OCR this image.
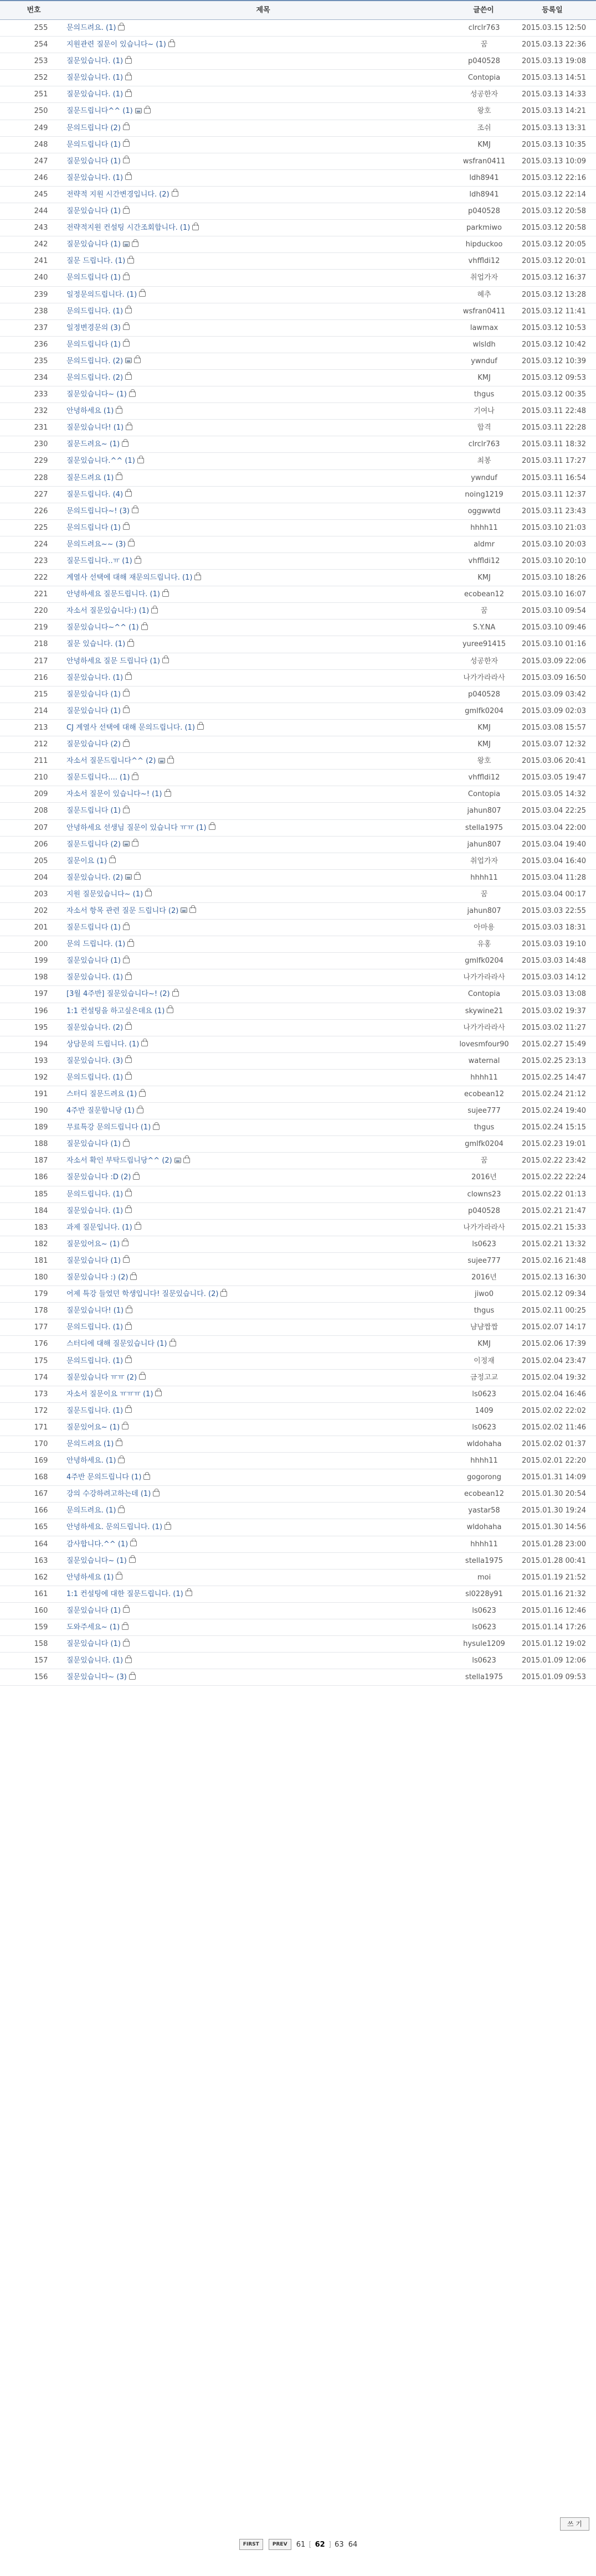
번호	제목	글쓴이	등록일
255	문의드려요. (1)	clrclr763	2015.03.15 12:50
254	지원관련 질문이 있습니다~ (1)	꿈	2015.03.13 22:36
253	질문있습니다. (1)	p040528	2015.03.13 19:08
252	질문있습니다. (1)	Contopia	2015.03.13 14:51
251	질문있습니다. (1)	성공한자	2015.03.13 14:33
250	질문드립니다^^ (1)	왕호	2015.03.13 14:21
249	문의드립니다 (2)	조쉬	2015.03.13 13:31
248	문의드립니다 (1)	KMJ	2015.03.13 10:35
247	질문있습니다 (1)	wsfran0411	2015.03.13 10:09
246	질문있습니다. (1)	ldh8941	2015.03.12 22:16
245	전략적 지원 시간변경입니다. (2)	ldh8941	2015.03.12 22:14
244	질문있습니다 (1)	p040528	2015.03.12 20:58
243	전략적지원 컨설팅 시간조회합니다. (1)	parkmiwo	2015.03.12 20:58
242	질문있습니다 (1)	hipduckoo	2015.03.12 20:05
241	질문 드립니다. (1)	vhffldi12	2015.03.12 20:01
240	문의드립니다 (1)	취업가자	2015.03.12 16:37
239	일정문의드립니다. (1)	혜추	2015.03.12 13:28
238	문의드립니다. (1)	wsfran0411	2015.03.12 11:41
237	일정변경문의 (3)	lawmax	2015.03.12 10:53
236	문의드립니다 (1)	wlsldh	2015.03.12 10:42
235	문의드립니다. (2)	ywnduf	2015.03.12 10:39
234	문의드립니다. (2)	KMJ	2015.03.12 09:53
233	질문있습니다~ (1)	thgus	2015.03.12 00:35
232	안녕하세요 (1)	기여나	2015.03.11 22:48
231	질문있습니다! (1)	합격	2015.03.11 22:28
230	질문드려요~ (1)	clrclr763	2015.03.11 18:32
229	질문있습니다.^^ (1)	최봉	2015.03.11 17:27
228	질문드려요 (1)	ywnduf	2015.03.11 16:54
227	질문드립니다. (4)	noing1219	2015.03.11 12:37
226	문의드립니다~! (3)	oggwwtd	2015.03.11 23:43
225	문의드립니다 (1)	hhhh11	2015.03.10 21:03
224	문의드려요~~ (3)	aldmr	2015.03.10 20:03
223	질문드립니다..ㅠ (1)	vhffldi12	2015.03.10 20:10
222	계열사 선택에 대해 재문의드립니다. (1)	KMJ	2015.03.10 18:26
221	안녕하세요 질문드립니다. (1)	ecobean12	2015.03.10 16:07
220	자소서 질문있습니다:) (1)	꿈	2015.03.10 09:54
219	질문있습니다~^^ (1)	S.Y.NA	2015.03.10 09:46
218	질문 있습니다. (1)	yuree91415	2015.03.10 01:16
217	안녕하세요 질문 드립니다 (1)	성공한자	2015.03.09 22:06
216	질문있습니다. (1)	나가가라라사	2015.03.09 16:50
215	질문있습니다 (1)	p040528	2015.03.09 03:42
214	질문있습니다 (1)	gmlfk0204	2015.03.09 02:03
213	CJ 계열사 선택에 대해 문의드립니다. (1)	KMJ	2015.03.08 15:57
212	질문있습니다 (2)	KMJ	2015.03.07 12:32
211	자소서 질문드립니다^^ (2)	왕호	2015.03.06 20:41
210	질문드립니다.... (1)	vhffldi12	2015.03.05 19:47
209	자소서 질문이 있습니다~! (1)	Contopia	2015.03.05 14:32
208	질문드립니다 (1)	jahun807	2015.03.04 22:25
207	안녕하세요 선생님 질문이 있습니다 ㅠㅠ (1)	stella1975	2015.03.04 22:00
206	질문드립니다 (2)	jahun807	2015.03.04 19:40
205	질문이요 (1)	취업가자	2015.03.04 16:40
204	질문있습니다. (2)	hhhh11	2015.03.04 11:28
203	지원 질문있습니다~ (1)	꿈	2015.03.04 00:17
202	자소서 항목 관련 질문 드립니다 (2)	jahun807	2015.03.03 22:55
201	질문드립니다 (1)	아마용	2015.03.03 18:31
200	문의 드립니다. (1)	유홍	2015.03.03 19:10
199	질문있습니다 (1)	gmlfk0204	2015.03.03 14:48
198	질문있습니다. (1)	나가가라라사	2015.03.03 14:12
197	[3월 4주반] 질문있습니다~! (2)	Contopia	2015.03.03 13:08
196	1:1 컨설팅을 하고싶은데요 (1)	skywine21	2015.03.02 19:37
195	질문있습니다. (2)	나가가라라사	2015.03.02 11:27
194	상담문의 드립니다. (1)	lovesmfour90	2015.02.27 15:49
193	질문있습니다. (3)	waternal	2015.02.25 23:13
192	문의드립니다. (1)	hhhh11	2015.02.25 14:47
191	스터디 질문드려요 (1)	ecobean12	2015.02.24 21:12
190	4주반 질문합니당 (1)	sujee777	2015.02.24 19:40
189	무료특강 문의드립니다 (1)	thgus	2015.02.24 15:15
188	질문있습니다 (1)	gmlfk0204	2015.02.23 19:01
187	자소서 확인 부탁드립니당^^ (2)	꿈	2015.02.22 23:42
186	질문있습니다 :D (2)	2016년	2015.02.22 22:24
185	문의드립니다. (1)	clowns23	2015.02.22 01:13
184	질문있습니다. (1)	p040528	2015.02.21 21:47
183	과제 질문입니다. (1)	나가가라라사	2015.02.21 15:33
182	질문있어요~ (1)	ls0623	2015.02.21 13:32
181	질문있습니다 (1)	sujee777	2015.02.16 21:48
180	질문있습니다 :) (2)	2016년	2015.02.13 16:30
179	어제 특강 들었던 학생입니다! 질문있습니다. (2)	jiwo0	2015.02.12 09:34
178	질문있습니다! (1)	thgus	2015.02.11 00:25
177	문의드립니다. (1)	냠냠짭짭	2015.02.07 14:17
176	스터디에 대해 질문있습니다 (1)	KMJ	2015.02.06 17:39
175	문의드립니다. (1)	이정재	2015.02.04 23:47
174	질문있습니다 ㅠㅠ (2)	금정고교	2015.02.04 19:32
173	자소서 질문이요 ㅠㅠㅠ (1)	ls0623	2015.02.04 16:46
172	질문드립니다. (1)	1409	2015.02.02 22:02
171	질문있어요~ (1)	ls0623	2015.02.02 11:46
170	문의드려요 (1)	wldohaha	2015.02.02 01:37
169	안녕하세요. (1)	hhhh11	2015.02.01 22:20
168	4주반 문의드립니다 (1)	gogorong	2015.01.31 14:09
167	강의 수강하려고하는데 (1)	ecobean12	2015.01.30 20:54
166	문의드려요. (1)	yastar58	2015.01.30 19:24
165	안녕하세요. 문의드립니다. (1)	wldohaha	2015.01.30 14:56
164	감사합니다.^^ (1)	hhhh11	2015.01.28 23:00
163	질문있습니다~ (1)	stella1975	2015.01.28 00:41
162	안녕하세요 (1)	moi	2015.01.19 21:52
161	1:1 컨설팅에 대한 질문드립니다. (1)	sl0228y91	2015.01.16 21:32
160	질문있습니다 (1)	ls0623	2015.01.16 12:46
159	도와주세요~ (1)	ls0623	2015.01.14 17:26
158	질문있습니다 (1)	hysule1209	2015.01.12 19:02
157	질문있습니다. (1)	ls0623	2015.01.09 12:06
156	질문있습니다~ (3)	stella1975	2015.01.09 09:53
쓰 기
FIRST	PREV 61 [ 62 ] 63 64
